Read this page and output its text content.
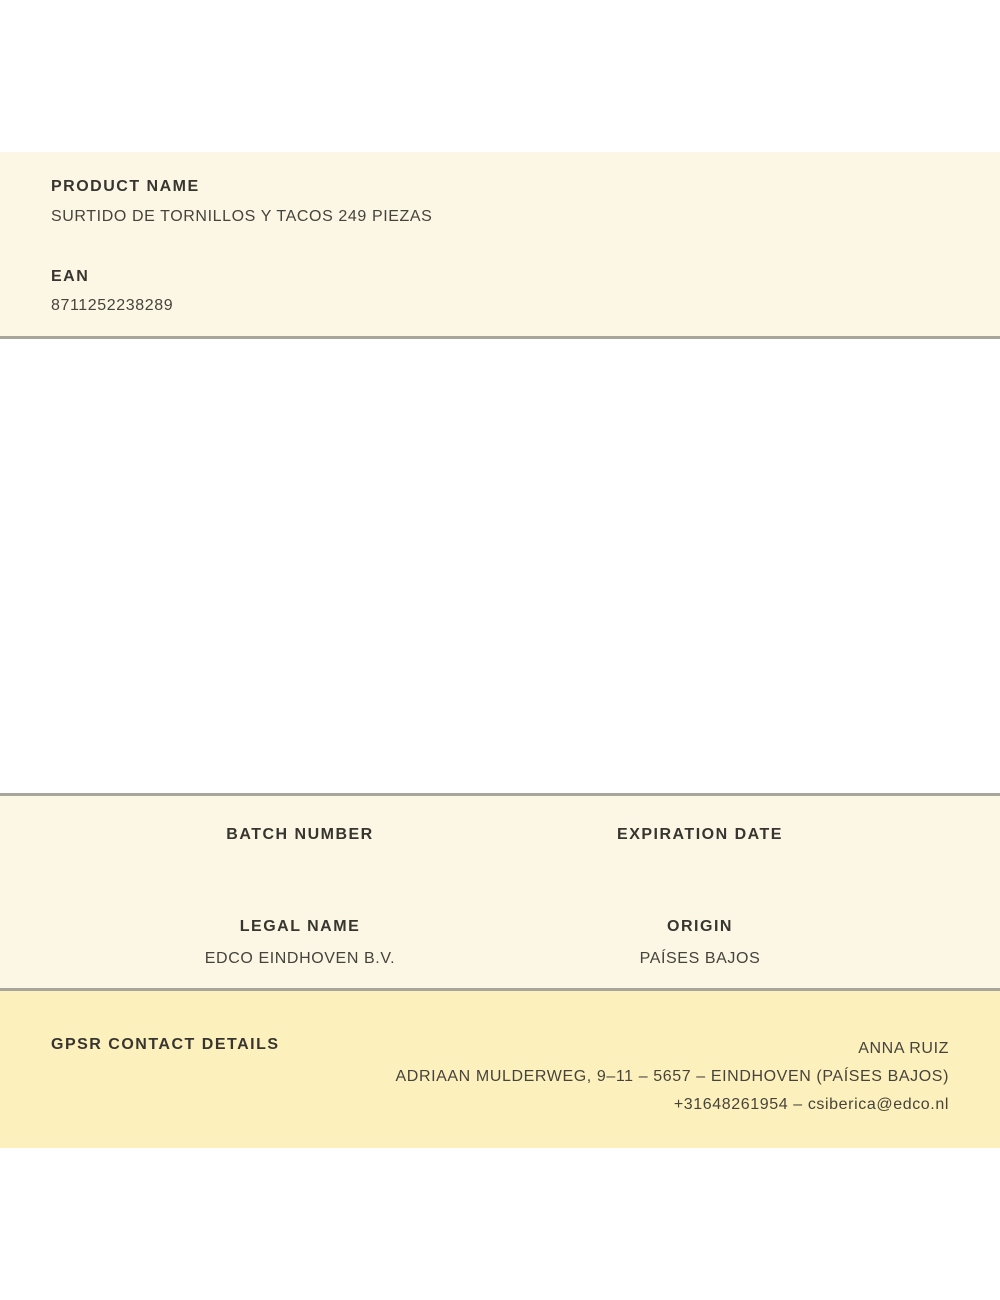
PRODUCT NAME
SURTIDO DE TORNILLOS Y TACOS 249 PIEZAS
EAN
8711252238289
BATCH NUMBER	EXPIRATION DATE
LEGAL NAME
EDCO EINDHOVEN B.V.
ORIGIN
PAÍSES BAJOS
GPSR CONTACT DETAILS	ANNA RUIZ
ADRIAAN MULDERWEG, 9–11 – 5657 – EINDHOVEN (PAÍSES BAJOS)
+31648261954 – csiberica@edco.nl
